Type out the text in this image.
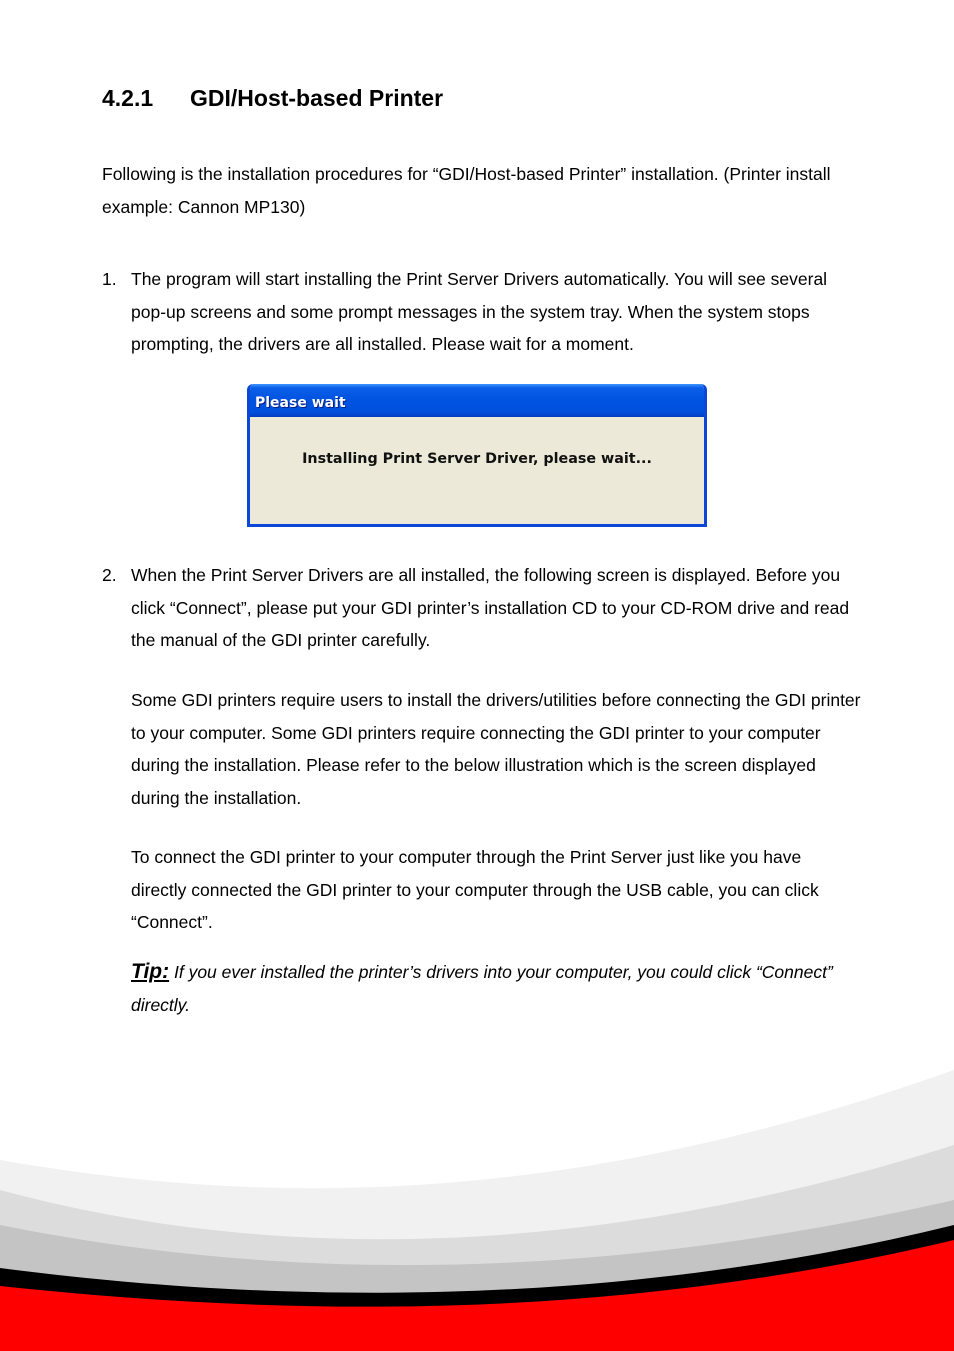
4.2.1 GDI/Host-based Printer

Following is the installation procedures for “GDI/Host-based Printer” installation. (Printer install example: Cannon MP130)

1. The program will start installing the Print Server Drivers automatically. You will see several pop-up screens and some prompt messages in the system tray. When the system stops prompting, the drivers are all installed. Please wait for a moment.
Please wait
Installing Print Server Driver, please wait...
2. When the Print Server Drivers are all installed, the following screen is displayed. Before you click “Connect”, please put your GDI printer’s installation CD to your CD-ROM drive and read the manual of the GDI printer carefully.

Some GDI printers require users to install the drivers/utilities before connecting the GDI printer to your computer. Some GDI printers require connecting the GDI printer to your computer during the installation. Please refer to the below illustration which is the screen displayed during the installation.

To connect the GDI printer to your computer through the Print Server just like you have directly connected the GDI printer to your computer through the USB cable, you can click “Connect”.

Tip: If you ever installed the printer’s drivers into your computer, you could click “Connect” directly.
